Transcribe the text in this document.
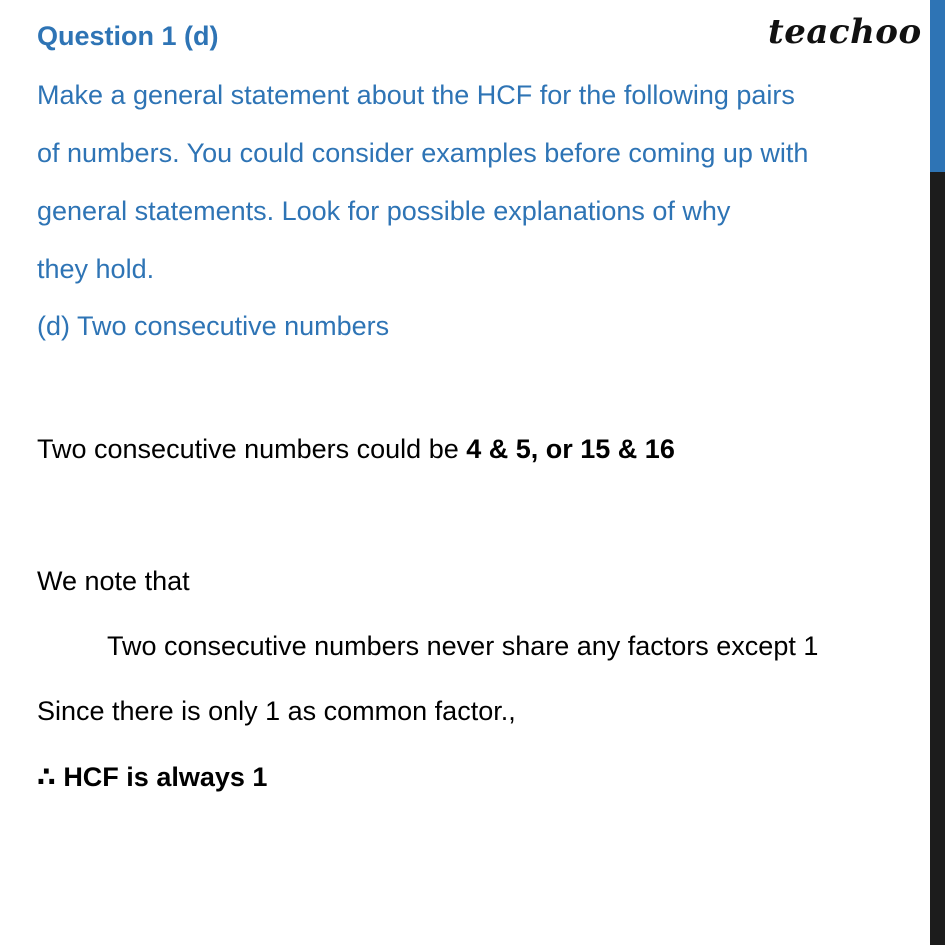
Question 1 (d)	teachoo
Make a general statement about the HCF for the following pairs
of numbers. You could consider examples before coming up with
general statements. Look for possible explanations of why
they hold.
(d) Two consecutive numbers
Two consecutive numbers could be 4 & 5, or 15 & 16
We note that
Two consecutive numbers never share any factors except 1
Since there is only 1 as common factor.,
∴ HCF is always 1
